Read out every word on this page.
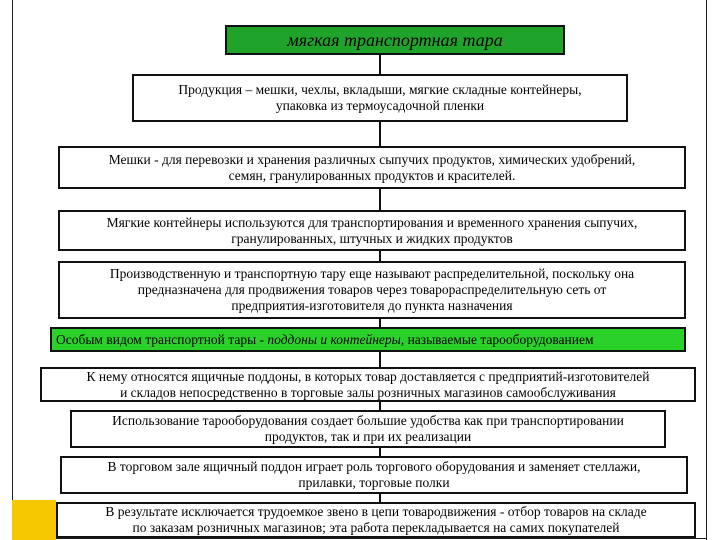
мягкая транспортная тара
Продукция – мешки, чехлы, вкладыши, мягкие складные контейнеры,
упаковка из термоусадочной пленки
Мешки - для перевозки и хранения различных сыпучих продуктов, химических удобрений,
семян, гранулированных продуктов и красителей.
Мягкие контейнеры используются для транспортирования и временного хранения сыпучих,
гранулированных, штучных и жидких продуктов
Производственную и транспортную тару еще называют распределительной, поскольку она
предназначена для продвижения товаров через товарораспределительную сеть от
предприятия-изготовителя до пункта назначения
Особым видом транспортной тары - поддоны и контейнеры, называемые тарооборудованием
К нему относятся ящичные поддоны, в которых товар доставляется с предприятий-изготовителей
и складов непосредственно в торговые залы розничных магазинов самообслуживания
Использование тарооборудования создает большие удобства как при транспортировании
продуктов, так и при их реализации
В торговом зале ящичный поддон играет роль торгового оборудования и заменяет стеллажи,
прилавки, торговые полки
В результате исключается трудоемкое звено в цепи товародвижения - отбор товаров на складе
по заказам розничных магазинов; эта работа перекладывается на самих покупателей
